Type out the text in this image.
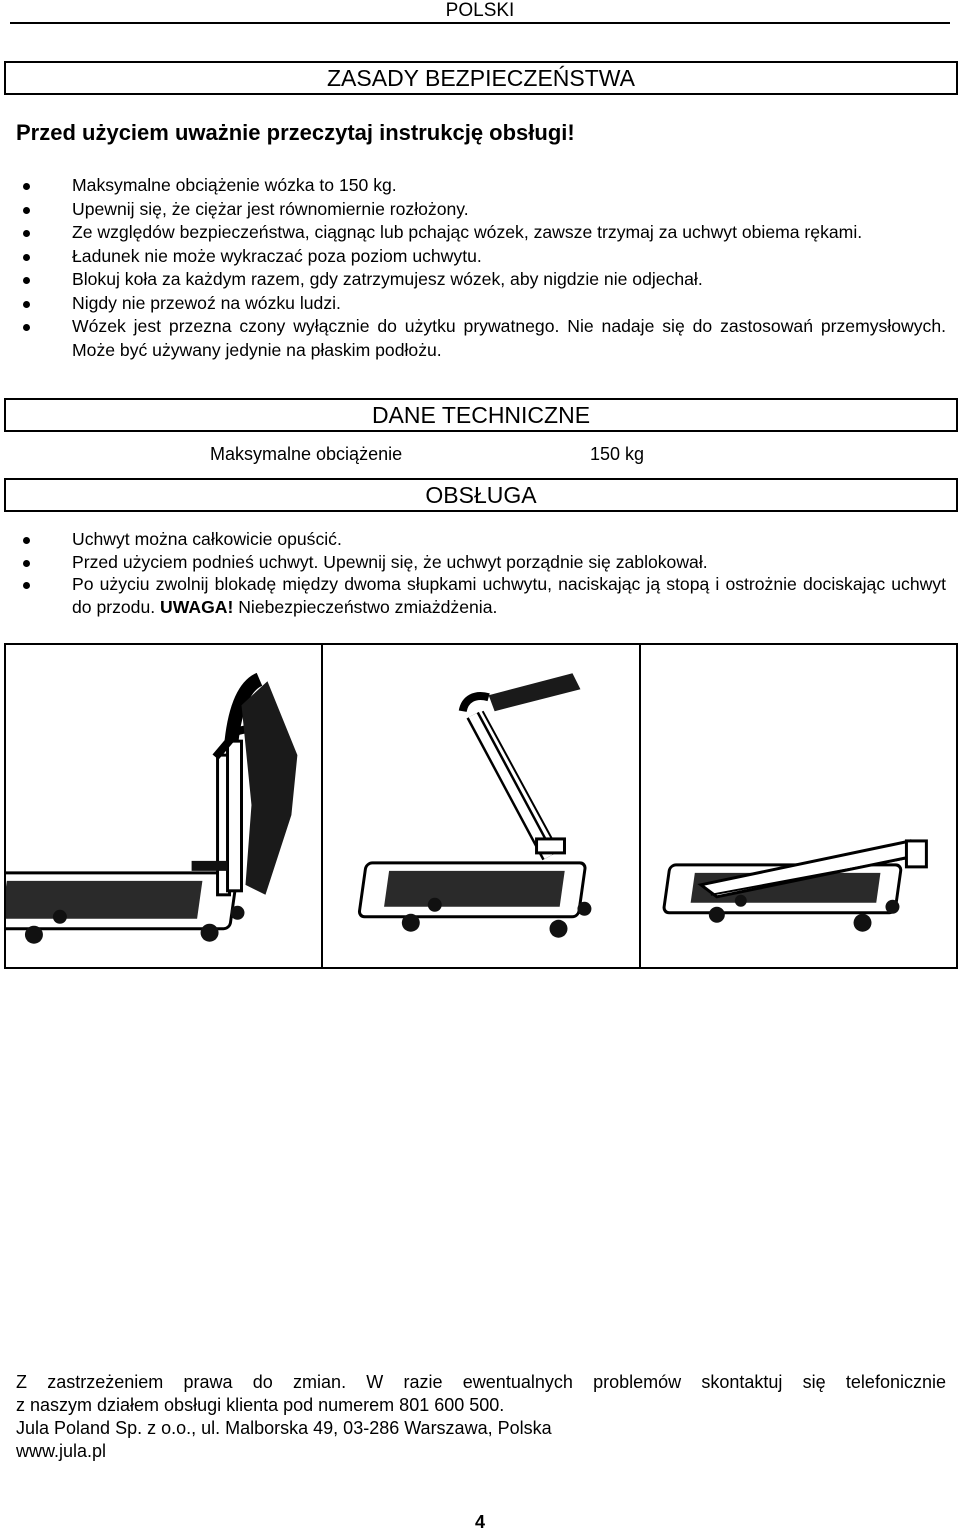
POLSKI
ZASADY BEZPIECZEŃSTWA
Przed użyciem uważnie przeczytaj instrukcję obsługi!
Maksymalne obciążenie wózka to 150 kg.
Upewnij się, że ciężar jest równomiernie rozłożony.
Ze względów bezpieczeństwa, ciągnąc lub pchając wózek, zawsze trzymaj za uchwyt obiema rękami.
Ładunek nie może wykraczać poza poziom uchwytu.
Blokuj koła za każdym razem, gdy zatrzymujesz wózek, aby nigdzie nie odjechał.
Nigdy nie przewoź na wózku ludzi.
Wózek jest przezna czony wyłącznie do użytku prywatnego. Nie nadaje się do zastosowań przemysłowych. Może być używany jedynie na płaskim podłożu.
DANE TECHNICZNE
Maksymalne obciążenie	150 kg
OBSŁUGA
Uchwyt można całkowicie opuścić.
Przed użyciem podnieś uchwyt. Upewnij się, że uchwyt porządnie się zablokował.
Po użyciu zwolnij blokadę między dwoma słupkami uchwytu, naciskając ją stopą i ostrożnie dociskając uchwyt do przodu. UWAGA! Niebezpieczeństwo zmiażdżenia.
Z zastrzeżeniem prawa do zmian. W razie ewentualnych problemów skontaktuj się telefonicznie
z naszym działem obsługi klienta pod numerem 801 600 500.
Jula Poland Sp. z o.o., ul. Malborska 49, 03-286 Warszawa, Polska
www.jula.pl
4
